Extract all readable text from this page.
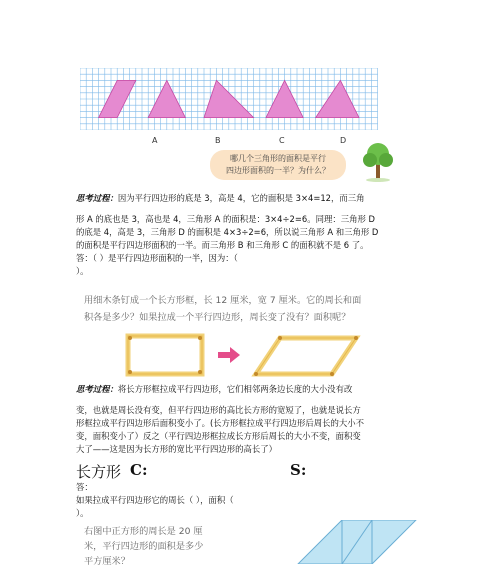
A	B	C	D
哪几个三角形的面积是平行
四边形面积的一半？为什么？
思考过程：因为平行四边形的底是 3，高是 4，它的面积是 3×4=12，而三角
形 A 的底也是 3，高也是 4，三角形 A 的面积是：3×4÷2=6。同理：三角形 D
的底是 4，高是 3，三角形 D 的面积是 4×3÷2=6，所以说三角形 A 和三角形 D
的面积是平行四边形面积的一半。而三角形 B 和三角形 C 的面积就不是 6 了。
答：（ ）是平行四边形面积的一半，因为：（
）。
用细木条钉成一个长方形框，长 12 厘米，宽 7 厘米。它的周长和面
积各是多少？如果拉成一个平行四边形，周长变了没有？面积呢？
思考过程：将长方形框拉成平行四边形，它们相邻两条边长度的大小没有改
变，也就是周长没有变，但平行四边形的高比长方形的宽短了，也就是说长方
形框拉成平行四边形后面积变小了。(长方形框拉成平行四边形后周长的大小不
变，面积变小了）反之（平行四边形框拉成长方形后周长的大小不变，面积变
大了——这是因为长方形的宽比平行四边形的高长了）
长方形 C:	S:
答：
如果拉成平行四边形它的周长（ ），面积（
）。
右图中正方形的周长是 20 厘
米，平行四边形的面积是多少
平方厘米？
